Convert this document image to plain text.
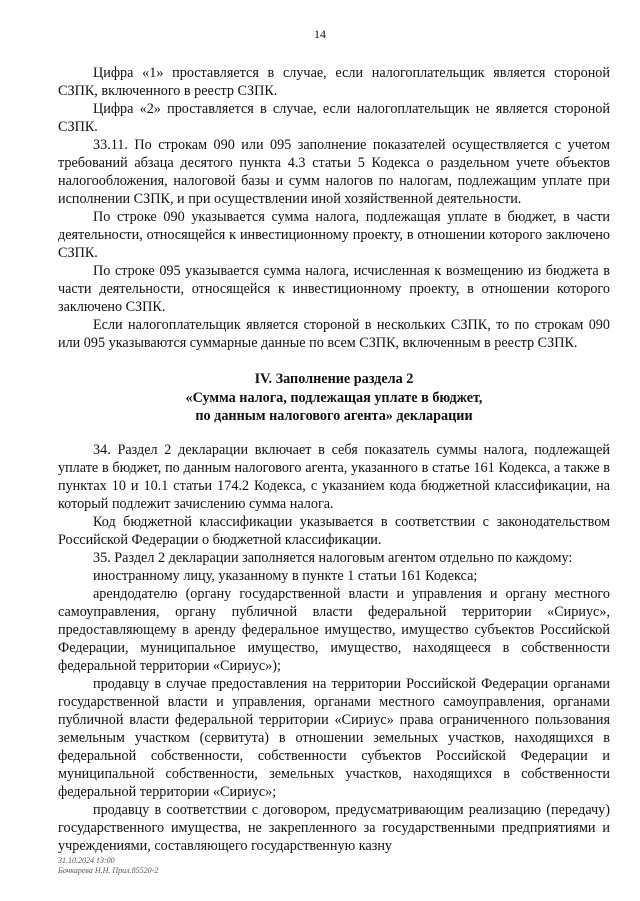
14

Цифра «1» проставляется в случае, если налогоплательщик является стороной СЗПК, включенного в реестр СЗПК.

Цифра «2» проставляется в случае, если налогоплательщик не является стороной СЗПК.

33.11. По строкам 090 или 095 заполнение показателей осуществляется с учетом требований абзаца десятого пункта 4.3 статьи 5 Кодекса о раздельном учете объектов налогообложения, налоговой базы и сумм налогов по налогам, подлежащим уплате при исполнении СЗПК, и при осуществлении иной хозяйственной деятельности.

По строке 090 указывается сумма налога, подлежащая уплате в бюджет, в части деятельности, относящейся к инвестиционному проекту, в отношении которого заключено СЗПК.

По строке 095 указывается сумма налога, исчисленная к возмещению из бюджета в части деятельности, относящейся к инвестиционному проекту, в отношении которого заключено СЗПК.

Если налогоплательщик является стороной в нескольких СЗПК, то по строкам 090 или 095 указываются суммарные данные по всем СЗПК, включенным в реестр СЗПК.

IV. Заполнение раздела 2

«Сумма налога, подлежащая уплате в бюджет,

по данным налогового агента» декларации

34. Раздел 2 декларации включает в себя показатель суммы налога, подлежащей уплате в бюджет, по данным налогового агента, указанного в статье 161 Кодекса, а также в пунктах 10 и 10.1 статьи 174.2 Кодекса, с указанием кода бюджетной классификации, на который подлежит зачислению сумма налога.

Код бюджетной классификации указывается в соответствии с законодательством Российской Федерации о бюджетной классификации.

35. Раздел 2 декларации заполняется налоговым агентом отдельно по каждому:

иностранному лицу, указанному в пункте 1 статьи 161 Кодекса;

арендодателю (органу государственной власти и управления и органу местного самоуправления, органу публичной власти федеральной территории «Сириус», предоставляющему в аренду федеральное имущество, имущество субъектов Российской Федерации, муниципальное имущество, имущество, находящееся в собственности федеральной территории «Сириус»);

продавцу в случае предоставления на территории Российской Федерации органами государственной власти и управления, органами местного самоуправления, органами публичной власти федеральной территории «Сириус» права ограниченного пользования земельным участком (сервитута) в отношении земельных участков, находящихся в федеральной собственности, собственности субъектов Российской Федерации и муниципальной собственности, земельных участков, находящихся в собственности федеральной территории «Сириус»;

продавцу в соответствии с договором, предусматривающим реализацию (передачу) государственного имущества, не закрепленного за государственными предприятиями и учреждениями, составляющего государственную казну

31.10.2024 13:00
Бочкарева Н.Н. Прил.85520-2
